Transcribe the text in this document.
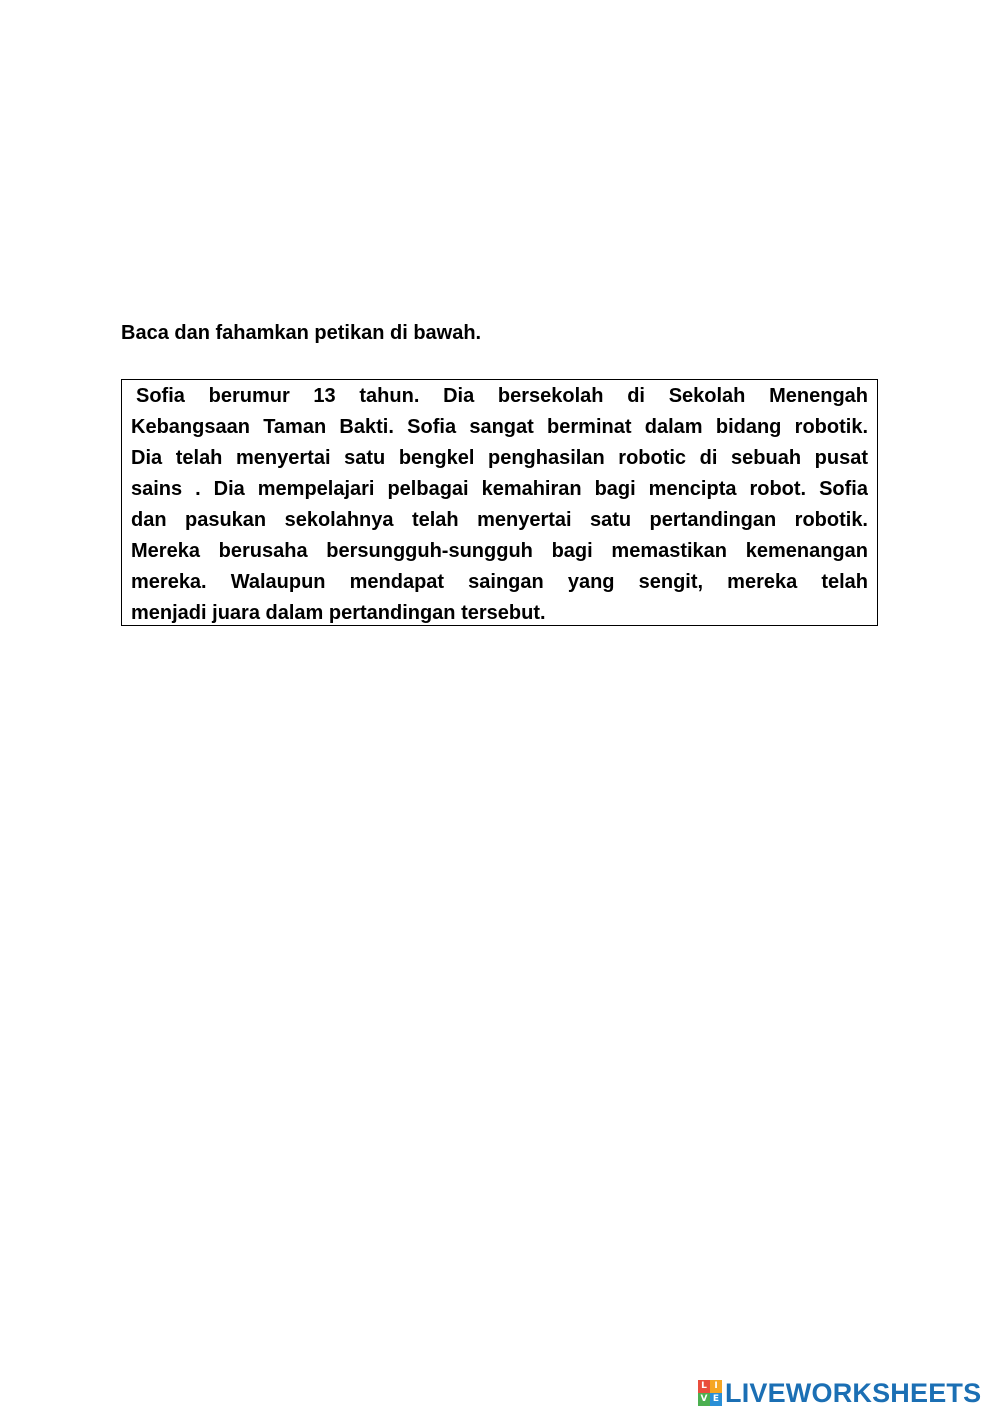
Baca dan fahamkan petikan di bawah.
Sofia berumur 13 tahun. Dia bersekolah di Sekolah Menengah
Kebangsaan Taman Bakti. Sofia sangat berminat dalam bidang robotik.
Dia telah menyertai satu bengkel penghasilan robotic di sebuah pusat
sains . Dia mempelajari pelbagai kemahiran bagi mencipta robot. Sofia
dan pasukan sekolahnya telah menyertai satu pertandingan robotik.
Mereka berusaha bersungguh-sungguh bagi memastikan kemenangan
mereka. Walaupun mendapat saingan yang sengit, mereka telah
menjadi juara dalam pertandingan tersebut.
L I
V E LIVEWORKSHEETS
